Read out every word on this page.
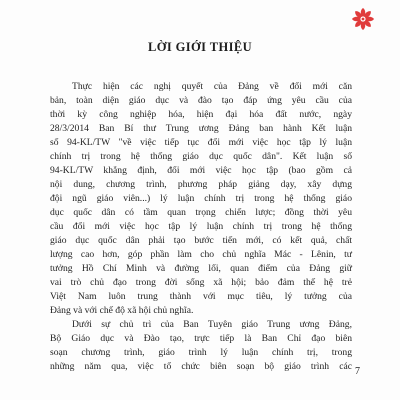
LỜI GIỚI THIỆU
Thực hiện các nghị quyết của Đảng về đổi mới căn
bản, toàn diện giáo dục và đào tạo đáp ứng yêu cầu của
thời kỳ công nghiệp hóa, hiện đại hóa đất nước, ngày
28/3/2014 Ban Bí thư Trung ương Đảng ban hành Kết luận
số 94-KL/TW "về việc tiếp tục đổi mới việc học tập lý luận
chính trị trong hệ thống giáo dục quốc dân". Kết luận số
94-KL/TW khẳng định, đổi mới việc học tập (bao gồm cả
nội dung, chương trình, phương pháp giảng dạy, xây dựng
đội ngũ giáo viên...) lý luận chính trị trong hệ thống giáo
dục quốc dân có tầm quan trọng chiến lược; đồng thời yêu
cầu đổi mới việc học tập lý luận chính trị trong hệ thống
giáo dục quốc dân phải tạo bước tiến mới, có kết quả, chất
lượng cao hơn, góp phần làm cho chủ nghĩa Mác - Lênin, tư
tưởng Hồ Chí Minh và đường lối, quan điểm của Đảng giữ
vai trò chủ đạo trong đời sống xã hội; bảo đảm thế hệ trẻ
Việt Nam luôn trung thành với mục tiêu, lý tưởng của
Đảng và với chế độ xã hội chủ nghĩa.
Dưới sự chủ trì của Ban Tuyên giáo Trung ương Đảng,
Bộ Giáo dục và Đào tạo, trực tiếp là Ban Chỉ đạo biên
soạn chương trình, giáo trình lý luận chính trị, trong
những năm qua, việc tổ chức biên soạn bộ giáo trình các 7
